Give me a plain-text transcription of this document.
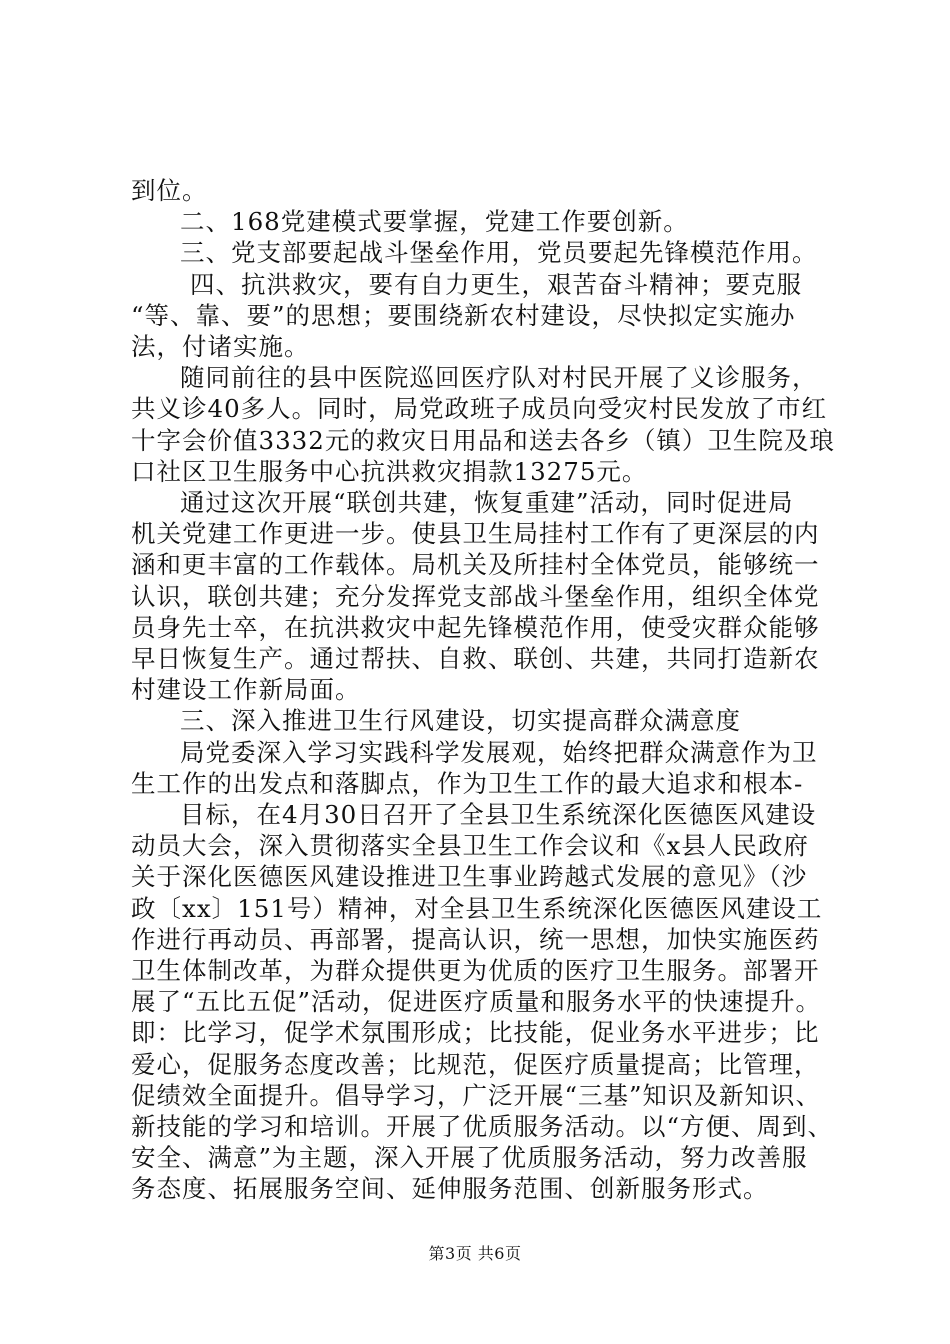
到位。
二、168党建模式要掌握，党建工作要创新。
三、党支部要起战斗堡垒作用，党员要起先锋模范作用。
四、抗洪救灾，要有自力更生，艰苦奋斗精神；要克服
“等、靠、要”的思想；要围绕新农村建设，尽快拟定实施办
法，付诸实施。
随同前往的县中医院巡回医疗队对村民开展了义诊服务，
共义诊40多人。同时，局党政班子成员向受灾村民发放了市红
十字会价值3332元的救灾日用品和送去各乡（镇）卫生院及琅
口社区卫生服务中心抗洪救灾捐款13275元。
通过这次开展“联创共建，恢复重建”活动，同时促进局
机关党建工作更进一步。使县卫生局挂村工作有了更深层的内
涵和更丰富的工作载体。局机关及所挂村全体党员，能够统一
认识，联创共建；充分发挥党支部战斗堡垒作用，组织全体党
员身先士卒，在抗洪救灾中起先锋模范作用，使受灾群众能够
早日恢复生产。通过帮扶、自救、联创、共建，共同打造新农
村建设工作新局面。
三、深入推进卫生行风建设，切实提高群众满意度
局党委深入学习实践科学发展观，始终把群众满意作为卫
生工作的出发点和落脚点，作为卫生工作的最大追求和根本-
目标，在4月30日召开了全县卫生系统深化医德医风建设
动员大会，深入贯彻落实全县卫生工作会议和《x县人民政府
关于深化医德医风建设推进卫生事业跨越式发展的意见》（沙
政〔xx〕151号）精神，对全县卫生系统深化医德医风建设工
作进行再动员、再部署，提高认识，统一思想，加快实施医药
卫生体制改革，为群众提供更为优质的医疗卫生服务。部署开
展了“五比五促”活动，促进医疗质量和服务水平的快速提升。
即：比学习，促学术氛围形成；比技能，促业务水平进步；比
爱心，促服务态度改善；比规范，促医疗质量提高；比管理，
促绩效全面提升。倡导学习，广泛开展“三基”知识及新知识、
新技能的学习和培训。开展了优质服务活动。以“方便、周到、
安全、满意”为主题，深入开展了优质服务活动，努力改善服
务态度、拓展服务空间、延伸服务范围、创新服务形式。
第3页 共6页
